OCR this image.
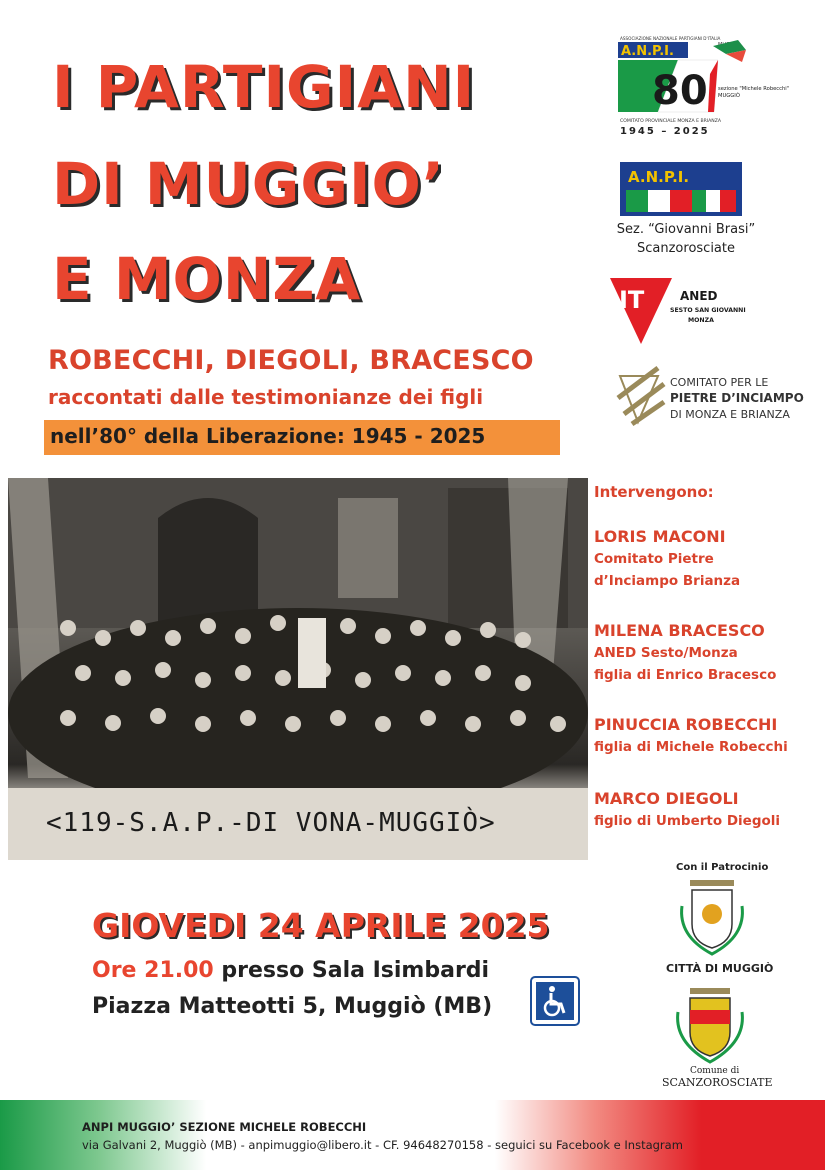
I PARTIGIANI
DI MUGGIO’
E MONZA
ROBECCHI, DIEGOLI, BRACESCO
raccontati dalle testimonianze dei figli
nell’80° della Liberazione: 1945 - 2025
ASSOCIAZIONE NAZIONALE PARTIGIANI D'ITALIA
A.N.P.I.
80 sezione "Michele Robecchi"
MUGGIÒ
COMITATO PROVINCIALE MONZA E BRIANZA
1945 – 2025
A.N.P.I.
Sez. “Giovanni Brasi”
Scanzorosciate
IT	ANED
SESTO SAN GIOVANNI
MONZA
COMITATO PER LE
PIETRE D’INCIAMPO
DI MONZA E BRIANZA
<119-S.A.P.-DI VONA-MUGGIÒ>
Intervengono:
LORIS MACONI
Comitato Pietre
d’Inciampo Brianza
MILENA BRACESCO
ANED Sesto/Monza
figlia di Enrico Bracesco
PINUCCIA ROBECCHI
figlia di Michele Robecchi
MARCO DIEGOLI
figlio di Umberto Diegoli
GIOVEDI 24 APRILE 2025
Ore 21.00 presso Sala Isimbardi
Piazza Matteotti 5, Muggiò (MB)
Con il Patrocinio
CITTÀ DI MUGGIÒ
Comune di
SCANZOROSCIATE
ANPI MUGGIO’ SEZIONE MICHELE ROBECCHI
via Galvani 2, Muggiò (MB) - anpimuggio@libero.it - CF. 94648270158 - seguici su Facebook e Instagram
